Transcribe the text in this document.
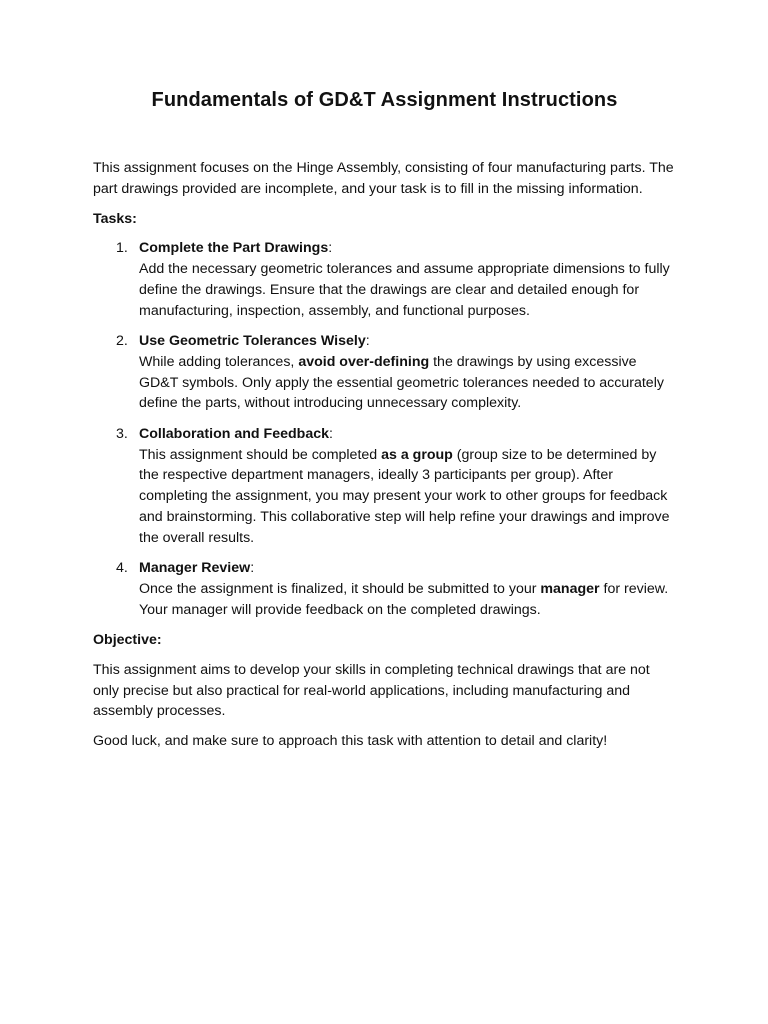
Fundamentals of GD&T Assignment Instructions

This assignment focuses on the Hinge Assembly, consisting of four manufacturing parts. The part drawings provided are incomplete, and your task is to fill in the missing information.

Tasks:

1. Complete the Part Drawings:
Add the necessary geometric tolerances and assume appropriate dimensions to fully define the drawings. Ensure that the drawings are clear and detailed enough for manufacturing, inspection, assembly, and functional purposes.
2. Use Geometric Tolerances Wisely:
While adding tolerances, avoid over-defining the drawings by using excessive GD&T symbols. Only apply the essential geometric tolerances needed to accurately define the parts, without introducing unnecessary complexity.
3. Collaboration and Feedback:
This assignment should be completed as a group (group size to be determined by the respective department managers, ideally 3 participants per group). After completing the assignment, you may present your work to other groups for feedback and brainstorming. This collaborative step will help refine your drawings and improve the overall results.
4. Manager Review:
Once the assignment is finalized, it should be submitted to your manager for review. Your manager will provide feedback on the completed drawings.

Objective:

This assignment aims to develop your skills in completing technical drawings that are not only precise but also practical for real-world applications, including manufacturing and assembly processes.

Good luck, and make sure to approach this task with attention to detail and clarity!
